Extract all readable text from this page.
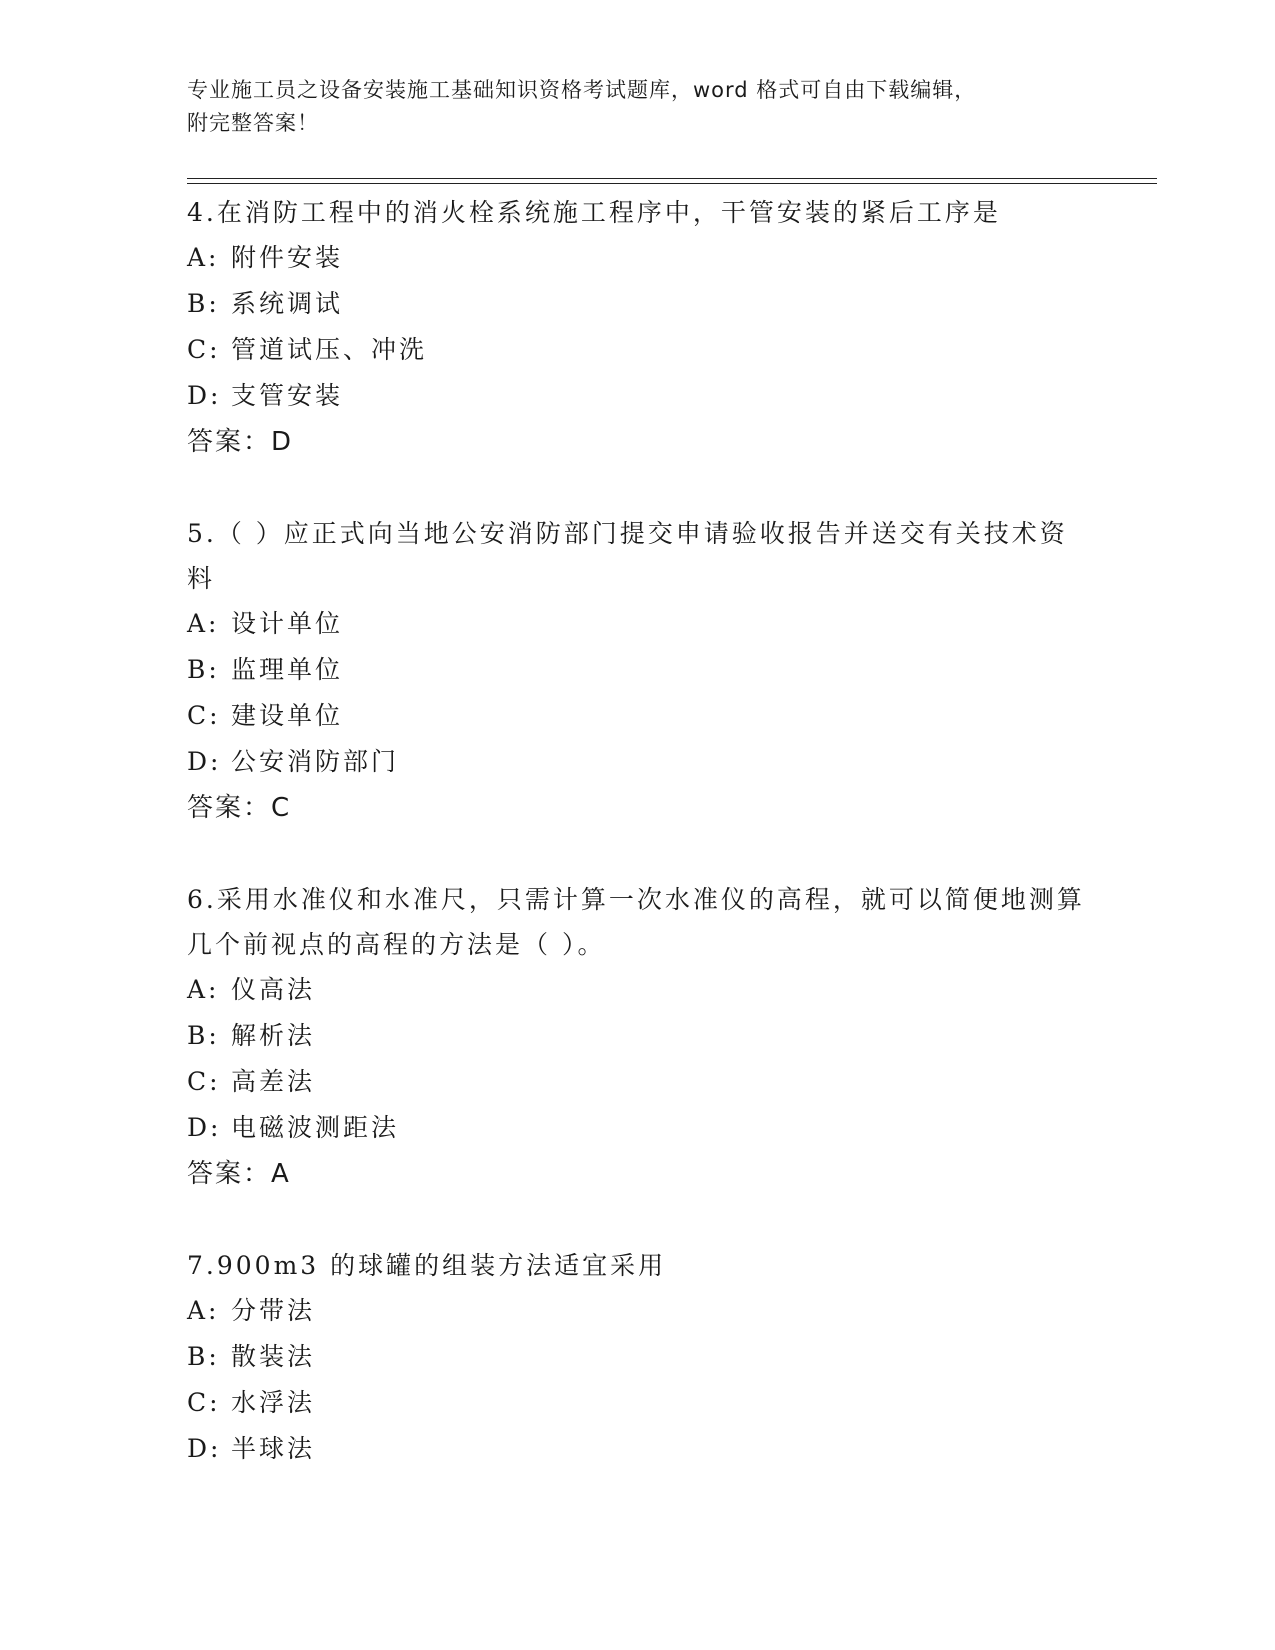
专业施工员之设备安装施工基础知识资格考试题库，word 格式可自由下载编辑，
附完整答案！

4.在消防工程中的消火栓系统施工程序中，干管安装的紧后工序是

A: 附件安装
B: 系统调试
C: 管道试压、冲洗
D: 支管安装

答案：D

5.（ ）应正式向当地公安消防部门提交申请验收报告并送交有关技术资料

A: 设计单位
B: 监理单位
C: 建设单位
D: 公安消防部门

答案：C

6.采用水准仪和水准尺，只需计算一次水准仪的高程，就可以简便地测算几个前视点的高程的方法是（ ）。

A: 仪高法
B: 解析法
C: 高差法
D: 电磁波测距法

答案：A

7.900m3 的球罐的组装方法适宜采用

A: 分带法
B: 散装法
C: 水浮法
D: 半球法
